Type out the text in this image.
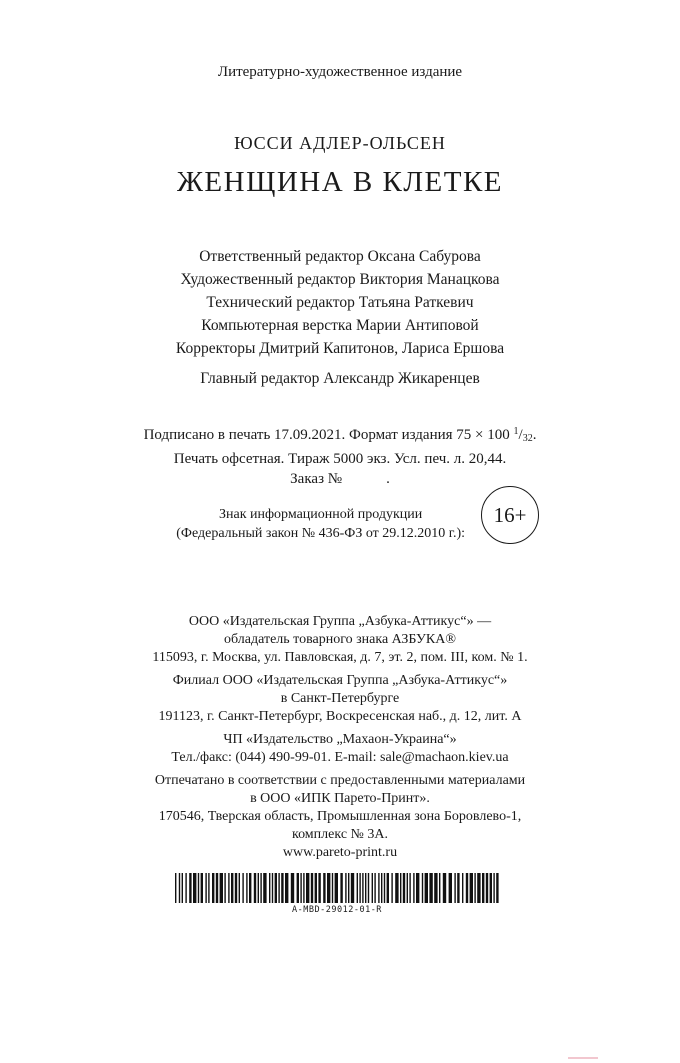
Литературно-художественное издание
ЮССИ АДЛЕР-ОЛЬСЕН
ЖЕНЩИНА В КЛЕТКЕ
Ответственный редактор Оксана Сабурова
Художественный редактор Виктория Манацкова
Технический редактор Татьяна Раткевич
Компьютерная верстка Марии Антиповой
Корректоры Дмитрий Капитонов, Лариса Ершова
Главный редактор Александр Жикаренцев
Подписано в печать 17.09.2021. Формат издания 75 × 100 $^1/_{32}$.
Печать офсетная. Тираж 5000 экз. Усл. печ. л. 20,44.
Заказ №	.
Знак информационной продукции
(Федеральный закон № 436-ФЗ от 29.12.2010 г.):
16+
ООО «Издательская Группа „Азбука-Аттикус“» —
обладатель товарного знака АЗБУКА®
115093, г. Москва, ул. Павловская, д. 7, эт. 2, пом. III, ком. № 1.
Филиал ООО «Издательская Группа „Азбука-Аттикус“»
в Санкт-Петербурге
191123, г. Санкт-Петербург, Воскресенская наб., д. 12, лит. А
ЧП «Издательство „Махаон-Украина“»
Тел./факс: (044) 490-99-01. E-mail: sale@machaon.kiev.ua
Отпечатано в соответствии с предоставленными материалами
в ООО «ИПК Парето-Принт».
170546, Тверская область, Промышленная зона Боровлево-1,
комплекс № 3А.
www.pareto-print.ru
A-MBD-29012-01-R
